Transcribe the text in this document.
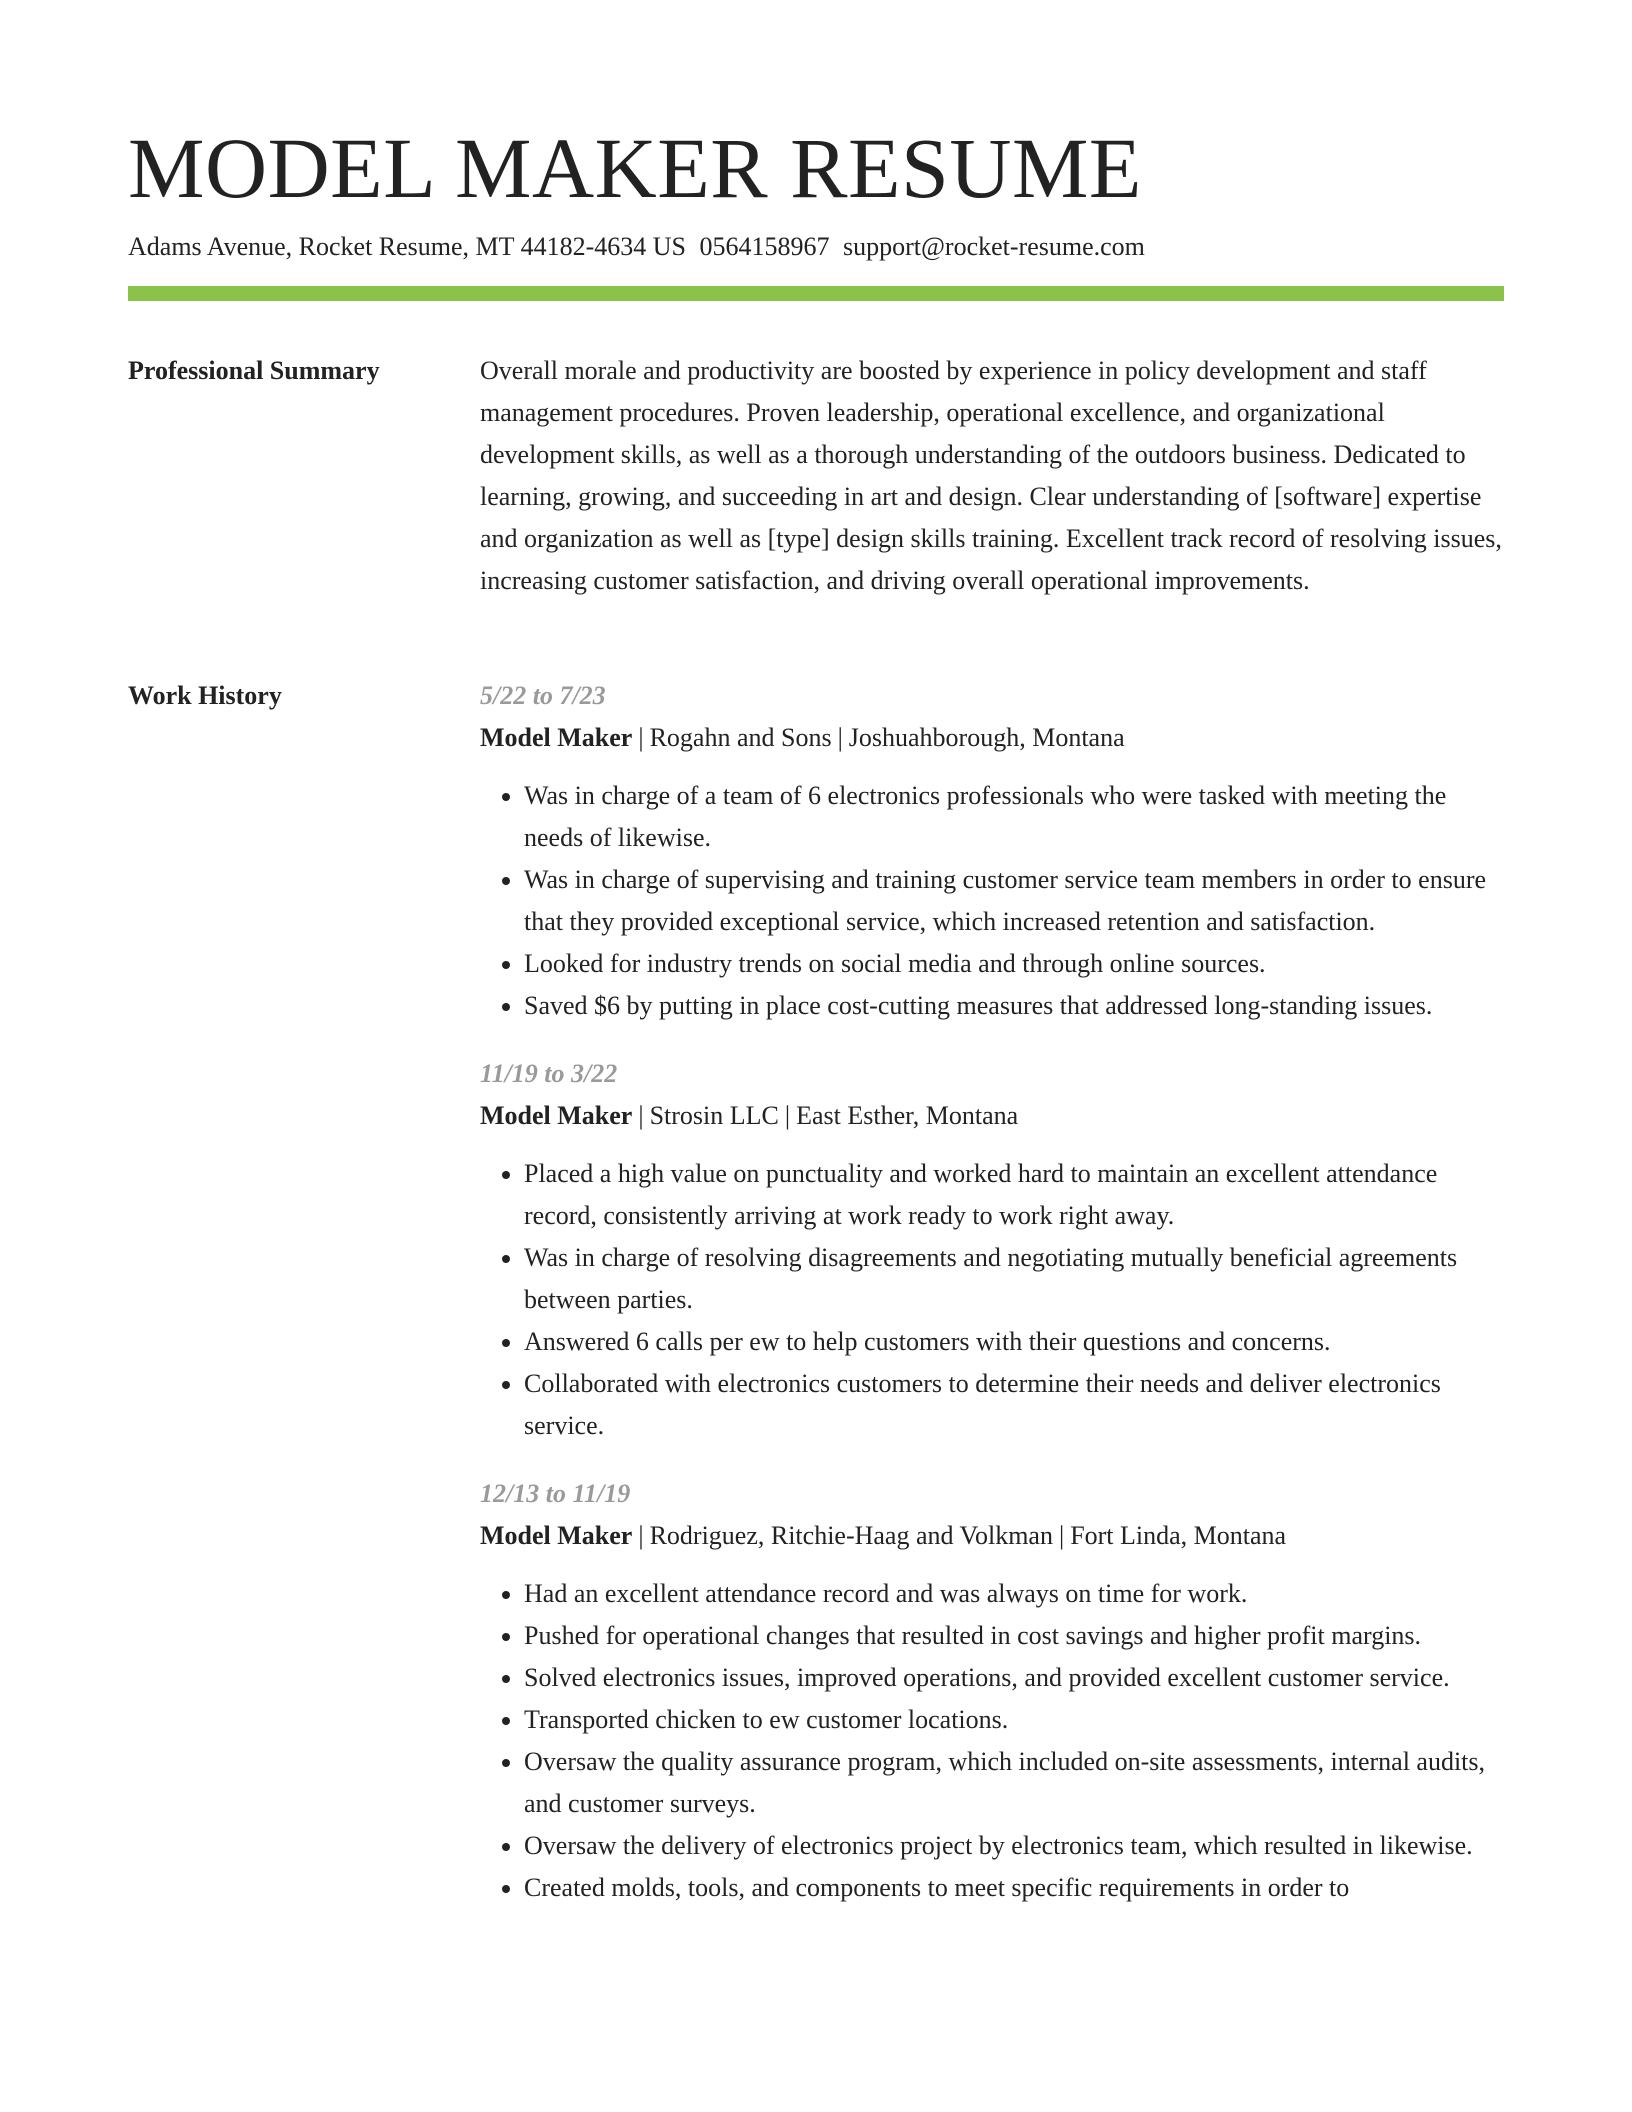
MODEL MAKER RESUME
Adams Avenue, Rocket Resume, MT 44182-4634 US 0564158967 support@rocket-resume.com
Professional Summary	Overall morale and productivity are boosted by experience in policy development and staff management procedures. Proven leadership, operational excellence, and organizational development skills, as well as a thorough understanding of the outdoors business. Dedicated to learning, growing, and succeeding in art and design. Clear understanding of [software] expertise and organization as well as [type] design skills training. Excellent track record of resolving issues, increasing customer satisfaction, and driving overall operational improvements.

Work History	5/22 to 7/23
Model Maker | Rogahn and Sons | Joshuahborough, Montana
• Was in charge of a team of 6 electronics professionals who were tasked with meeting the needs of likewise.
• Was in charge of supervising and training customer service team members in order to ensure that they provided exceptional service, which increased retention and satisfaction.
• Looked for industry trends on social media and through online sources.
• Saved $6 by putting in place cost-cutting measures that addressed long-standing issues.
11/19 to 3/22
Model Maker | Strosin LLC | East Esther, Montana
• Placed a high value on punctuality and worked hard to maintain an excellent attendance record, consistently arriving at work ready to work right away.
• Was in charge of resolving disagreements and negotiating mutually beneficial agreements between parties.
• Answered 6 calls per ew to help customers with their questions and concerns.
• Collaborated with electronics customers to determine their needs and deliver electronics service.
12/13 to 11/19
Model Maker | Rodriguez, Ritchie-Haag and Volkman | Fort Linda, Montana
• Had an excellent attendance record and was always on time for work.
• Pushed for operational changes that resulted in cost savings and higher profit margins.
• Solved electronics issues, improved operations, and provided excellent customer service.
• Transported chicken to ew customer locations.
• Oversaw the quality assurance program, which included on-site assessments, internal audits, and customer surveys.
• Oversaw the delivery of electronics project by electronics team, which resulted in likewise.
• Created molds, tools, and components to meet specific requirements in order to
